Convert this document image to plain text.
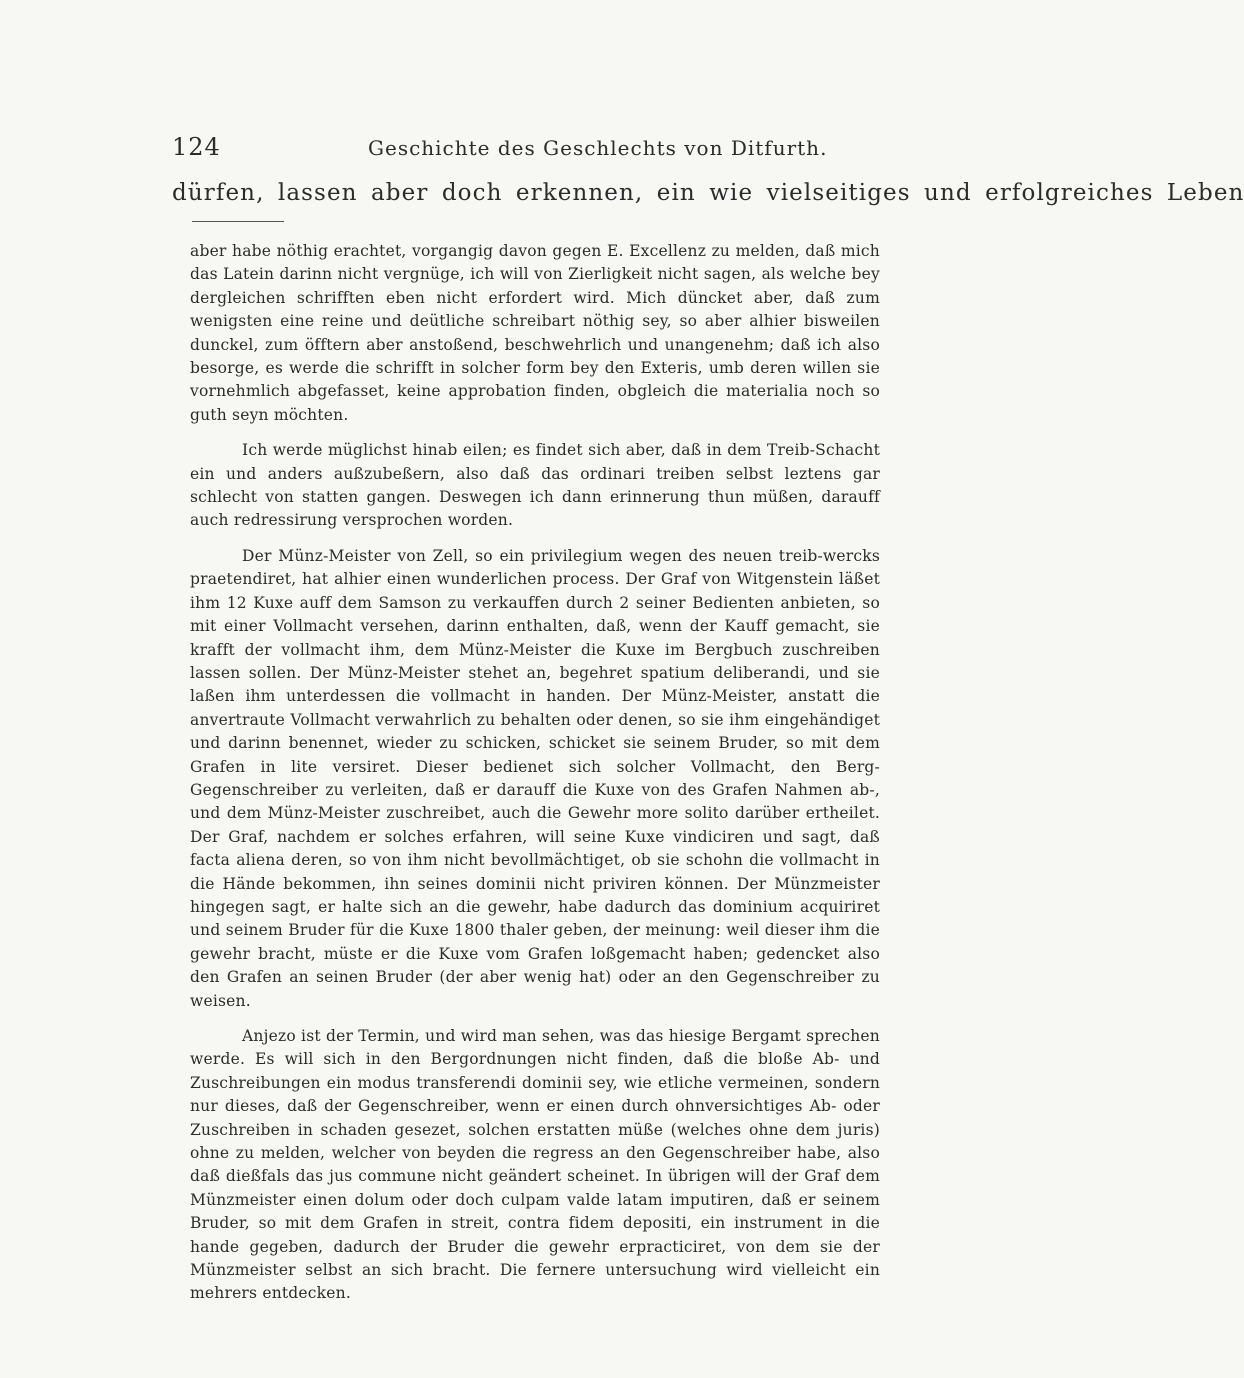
124	Geschichte des Geschlechts von Ditfurth.
dürfen, lassen aber doch erkennen, ein wie vielseitiges und erfolgreiches Leben

aber habe nöthig erachtet, vorgangig davon gegen E. Excellenz zu melden, daß mich das Latein darinn nicht vergnüge, ich will von Zierligkeit nicht sagen, als welche bey dergleichen schrifften eben nicht erfordert wird. Mich düncket aber, daß zum wenigsten eine reine und deütliche schreibart nöthig sey, so aber alhier bisweilen dunckel, zum öfftern aber anstoßend, beschwehrlich und unangenehm; daß ich also besorge, es werde die schrifft in solcher form bey den Exteris, umb deren willen sie vornehmlich abgefasset, keine approbation finden, obgleich die materialia noch so guth seyn möchten.

Ich werde müglichst hinab eilen; es findet sich aber, daß in dem Treib-Schacht ein und anders außzubeßern, also daß das ordinari treiben selbst leztens gar schlecht von statten gangen. Deswegen ich dann erinnerung thun müßen, darauff auch redressirung versprochen worden.

Der Münz-Meister von Zell, so ein privilegium wegen des neuen treib-wercks praetendiret, hat alhier einen wunderlichen process. Der Graf von Witgenstein läßet ihm 12 Kuxe auff dem Samson zu verkauffen durch 2 seiner Bedienten anbieten, so mit einer Vollmacht versehen, darinn enthalten, daß, wenn der Kauff gemacht, sie krafft der vollmacht ihm, dem Münz-Meister die Kuxe im Bergbuch zuschreiben lassen sollen. Der Münz-Meister stehet an, begehret spatium deliberandi, und sie laßen ihm unterdessen die vollmacht in handen. Der Münz-Meister, anstatt die anvertraute Vollmacht verwahrlich zu behalten oder denen, so sie ihm eingehändiget und darinn benennet, wieder zu schicken, schicket sie seinem Bruder, so mit dem Grafen in lite versiret. Dieser bedienet sich solcher Vollmacht, den Berg-Gegenschreiber zu verleiten, daß er darauff die Kuxe von des Grafen Nahmen ab-, und dem Münz-Meister zuschreibet, auch die Gewehr more solito darüber ertheilet. Der Graf, nachdem er solches erfahren, will seine Kuxe vindiciren und sagt, daß facta aliena deren, so von ihm nicht bevollmächtiget, ob sie schohn die vollmacht in die Hände bekommen, ihn seines dominii nicht priviren können. Der Münzmeister hingegen sagt, er halte sich an die gewehr, habe dadurch das dominium acquiriret und seinem Bruder für die Kuxe 1800 thaler geben, der meinung: weil dieser ihm die gewehr bracht, müste er die Kuxe vom Grafen loßgemacht haben; gedencket also den Grafen an seinen Bruder (der aber wenig hat) oder an den Gegenschreiber zu weisen.

Anjezo ist der Termin, und wird man sehen, was das hiesige Bergamt sprechen werde. Es will sich in den Bergordnungen nicht finden, daß die bloße Ab- und Zuschreibungen ein modus transferendi dominii sey, wie etliche vermeinen, sondern nur dieses, daß der Gegenschreiber, wenn er einen durch ohnversichtiges Ab- oder Zuschreiben in schaden gesezet, solchen erstatten müße (welches ohne dem juris) ohne zu melden, welcher von beyden die regress an den Gegenschreiber habe, also daß dießfals das jus commune nicht geändert scheinet. In übrigen will der Graf dem Münzmeister einen dolum oder doch culpam valde latam imputiren, daß er seinem Bruder, so mit dem Grafen in streit, contra fidem depositi, ein instrument in die hande gegeben, dadurch der Bruder die gewehr erpracticiret, von dem sie der Münzmeister selbst an sich bracht. Die fernere untersuchung wird vielleicht ein mehrers entdecken.
